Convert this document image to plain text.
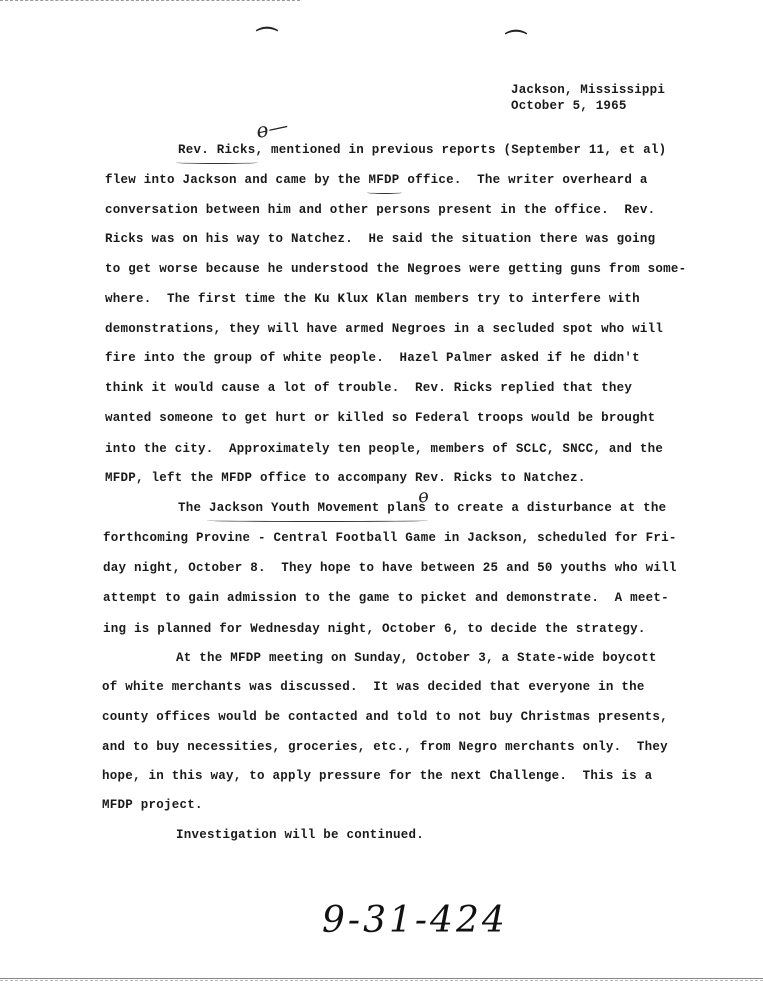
⌒	⌒
Jackson, Mississippi
October 5, 1965
ɵ—
Rev. Ricks, mentioned in previous reports (September 11, et al)
flew into Jackson and came by the MFDP office.  The writer overheard a
conversation between him and other persons present in the office.  Rev.
Ricks was on his way to Natchez.  He said the situation there was going
to get worse because he understood the Negroes were getting guns from some-
where.  The first time the Ku Klux Klan members try to interfere with
demonstrations, they will have armed Negroes in a secluded spot who will
fire into the group of white people.  Hazel Palmer asked if he didn't
think it would cause a lot of trouble.  Rev. Ricks replied that they
wanted someone to get hurt or killed so Federal troops would be brought
into the city.  Approximately ten people, members of SCLC, SNCC, and the
MFDP, left the MFDP office to accompany Rev. Ricks to Natchez.
ɵ
The Jackson Youth Movement plans to create a disturbance at the
forthcoming Provine - Central Football Game in Jackson, scheduled for Fri-
day night, October 8.  They hope to have between 25 and 50 youths who will
attempt to gain admission to the game to picket and demonstrate.  A meet-
ing is planned for Wednesday night, October 6, to decide the strategy.
At the MFDP meeting on Sunday, October 3, a State-wide boycott
of white merchants was discussed.  It was decided that everyone in the
county offices would be contacted and told to not buy Christmas presents,
and to buy necessities, groceries, etc., from Negro merchants only.  They
hope, in this way, to apply pressure for the next Challenge.  This is a
MFDP project.
Investigation will be continued.
9-31-424
